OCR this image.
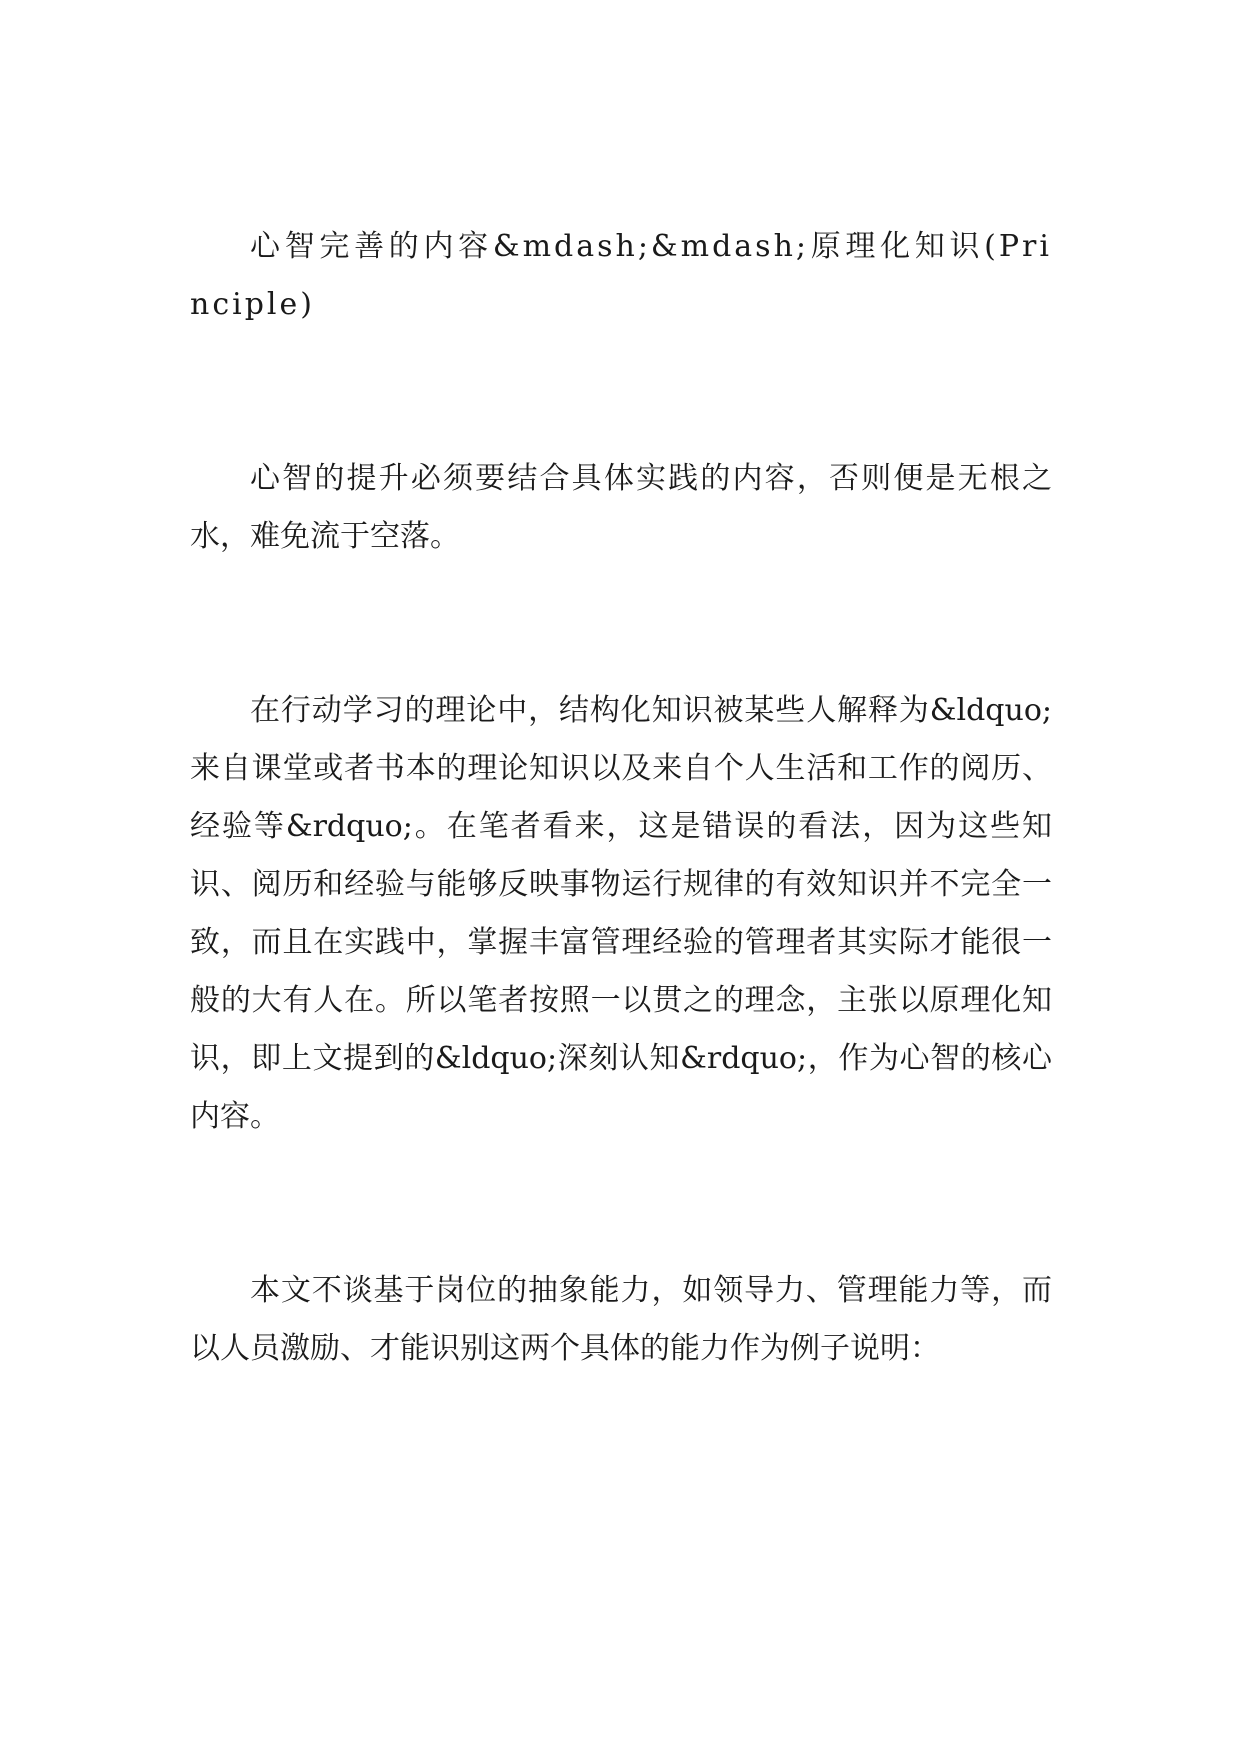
心智完善的内容&mdash;&mdash;原理化知识(Principle)

心智的提升必须要结合具体实践的内容，否则便是无根之水，难免流于空落。

在行动学习的理论中，结构化知识被某些人解释为&ldquo;来自课堂或者书本的理论知识以及来自个人生活和工作的阅历、经验等&rdquo;。在笔者看来，这是错误的看法，因为这些知识、阅历和经验与能够反映事物运行规律的有效知识并不完全一致，而且在实践中，掌握丰富管理经验的管理者其实际才能很一般的大有人在。所以笔者按照一以贯之的理念，主张以原理化知识，即上文提到的&ldquo;深刻认知&rdquo;，作为心智的核心内容。

本文不谈基于岗位的抽象能力，如领导力、管理能力等，而以人员激励、才能识别这两个具体的能力作为例子说明：
